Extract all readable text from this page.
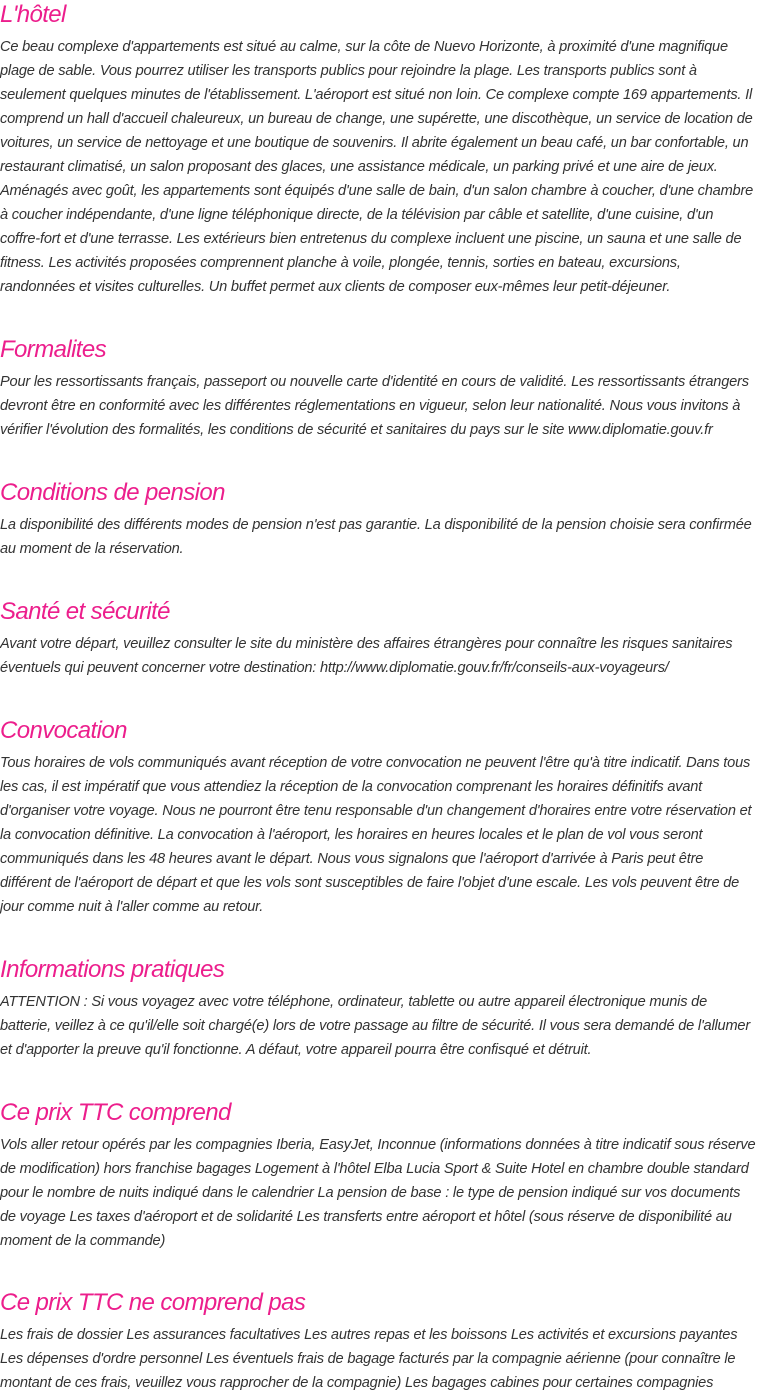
L'hôtel

Ce beau complexe d'appartements est situé au calme, sur la côte de Nuevo Horizonte, à proximité d'une magnifique plage de sable. Vous pourrez utiliser les transports publics pour rejoindre la plage. Les transports publics sont à seulement quelques minutes de l'établissement. L'aéroport est situé non loin. Ce complexe compte 169 appartements. Il comprend un hall d'accueil chaleureux, un bureau de change, une supérette, une discothèque, un service de location de voitures, un service de nettoyage et une boutique de souvenirs. Il abrite également un beau café, un bar confortable, un restaurant climatisé, un salon proposant des glaces, une assistance médicale, un parking privé et une aire de jeux. Aménagés avec goût, les appartements sont équipés d'une salle de bain, d'un salon chambre à coucher, d'une chambre à coucher indépendante, d'une ligne téléphonique directe, de la télévision par câble et satellite, d'une cuisine, d'un coffre-fort et d'une terrasse. Les extérieurs bien entretenus du complexe incluent une piscine, un sauna et une salle de fitness. Les activités proposées comprennent planche à voile, plongée, tennis, sorties en bateau, excursions, randonnées et visites culturelles. Un buffet permet aux clients de composer eux-mêmes leur petit-déjeuner.

Formalites

Pour les ressortissants français, passeport ou nouvelle carte d'identité en cours de validité. Les ressortissants étrangers devront être en conformité avec les différentes réglementations en vigueur, selon leur nationalité. Nous vous invitons à vérifier l'évolution des formalités, les conditions de sécurité et sanitaires du pays sur le site www.diplomatie.gouv.fr

Conditions de pension

La disponibilité des différents modes de pension n'est pas garantie. La disponibilité de la pension choisie sera confirmée au moment de la réservation.

Santé et sécurité

Avant votre départ, veuillez consulter le site du ministère des affaires étrangères pour connaître les risques sanitaires éventuels qui peuvent concerner votre destination: http://www.diplomatie.gouv.fr/fr/conseils-aux-voyageurs/

Convocation

Tous horaires de vols communiqués avant réception de votre convocation ne peuvent l'être qu'à titre indicatif. Dans tous les cas, il est impératif que vous attendiez la réception de la convocation comprenant les horaires définitifs avant d'organiser votre voyage. Nous ne pourront être tenu responsable d'un changement d'horaires entre votre réservation et la convocation définitive. La convocation à l'aéroport, les horaires en heures locales et le plan de vol vous seront communiqués dans les 48 heures avant le départ. Nous vous signalons que l'aéroport d'arrivée à Paris peut être différent de l'aéroport de départ et que les vols sont susceptibles de faire l'objet d'une escale. Les vols peuvent être de jour comme nuit à l'aller comme au retour.

Informations pratiques

ATTENTION : Si vous voyagez avec votre téléphone, ordinateur, tablette ou autre appareil électronique munis de batterie, veillez à ce qu'il/elle soit chargé(e) lors de votre passage au filtre de sécurité. Il vous sera demandé de l'allumer et d'apporter la preuve qu'il fonctionne. A défaut, votre appareil pourra être confisqué et détruit.

Ce prix TTC comprend

Vols aller retour opérés par les compagnies Iberia, EasyJet, Inconnue (informations données à titre indicatif sous réserve de modification) hors franchise bagages Logement à l'hôtel Elba Lucia Sport & Suite Hotel en chambre double standard pour le nombre de nuits indiqué dans le calendrier La pension de base : le type de pension indiqué sur vos documents de voyage Les taxes d'aéroport et de solidarité Les transferts entre aéroport et hôtel (sous réserve de disponibilité au moment de la commande)

Ce prix TTC ne comprend pas

Les frais de dossier Les assurances facultatives Les autres repas et les boissons Les activités et excursions payantes Les dépenses d'ordre personnel Les éventuels frais de bagage facturés par la compagnie aérienne (pour connaître le montant de ces frais, veuillez vous rapprocher de la compagnie) Les bagages cabines pour certaines compagnies
